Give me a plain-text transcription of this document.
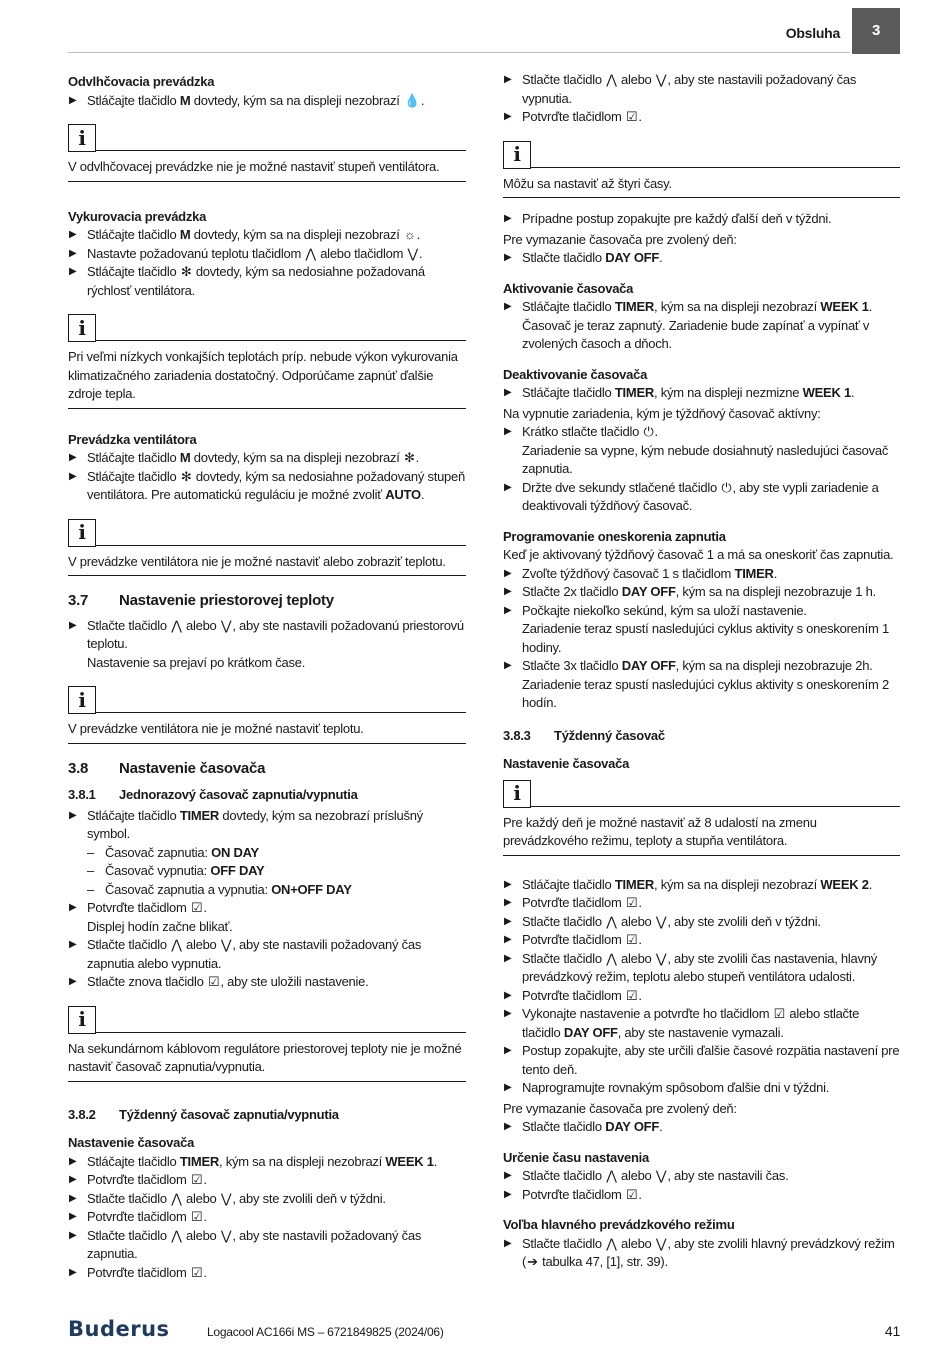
Obsluha	3

Odvlhčovacia prevádzka

▶ Stláčajte tlačidlo M dovtedy, kým sa na displeji nezobrazí 💧.
i

V odvlhčovacej prevádzke nie je možné nastaviť stupeň ventilátora.

Vykurovacia prevádzka

▶ Stláčajte tlačidlo M dovtedy, kým sa na displeji nezobrazí ☼.
▶ Nastavte požadovanú teplotu tlačidlom ⋀ alebo tlačidlom ⋁.
▶ Stláčajte tlačidlo ✻ dovtedy, kým sa nedosiahne požadovaná rýchlosť ventilátora.
i

Pri veľmi nízkych vonkajších teplotách príp. nebude výkon vykurovania klimatizačného zariadenia dostatočný. Odporúčame zapnúť ďalšie zdroje tepla.

Prevádzka ventilátora

▶ Stláčajte tlačidlo M dovtedy, kým sa na displeji nezobrazí ✻.
▶ Stláčajte tlačidlo ✻ dovtedy, kým sa nedosiahne požadovaný stupeň ventilátora. Pre automatickú reguláciu je možné zvoliť AUTO.
i

V prevádzke ventilátora nie je možné nastaviť alebo zobraziť teplotu.

3.7	Nastavenie priestorovej teploty
▶ Stlačte tlačidlo ⋀ alebo ⋁, aby ste nastavili požadovanú priestorovú teplotu.
Nastavenie sa prejaví po krátkom čase.
i

V prevádzke ventilátora nie je možné nastaviť teplotu.

3.8	Nastavenie časovača
3.8.1	Jednorazový časovač zapnutia/vypnutia
▶ Stláčajte tlačidlo TIMER dovtedy, kým sa nezobrazí príslušný symbol.
– Časovač zapnutia: ON DAY
– Časovač vypnutia: OFF DAY
– Časovač zapnutia a vypnutia: ON+OFF DAY
▶ Potvrďte tlačidlom ☑.
Displej hodín začne blikať.
▶ Stlačte tlačidlo ⋀ alebo ⋁, aby ste nastavili požadovaný čas zapnutia alebo vypnutia.
▶ Stlačte znova tlačidlo ☑, aby ste uložili nastavenie.
i

Na sekundárnom káblovom regulátore priestorovej teploty nie je možné nastaviť časovač zapnutia/vypnutia.

3.8.2	Týždenný časovač zapnutia/vypnutia

Nastavenie časovača

▶ Stláčajte tlačidlo TIMER, kým sa na displeji nezobrazí WEEK 1.
▶ Potvrďte tlačidlom ☑.
▶ Stlačte tlačidlo ⋀ alebo ⋁, aby ste zvolili deň v týždni.
▶ Potvrďte tlačidlom ☑.
▶ Stlačte tlačidlo ⋀ alebo ⋁, aby ste nastavili požadovaný čas zapnutia.
▶ Potvrďte tlačidlom ☑.
▶ Stlačte tlačidlo ⋀ alebo ⋁, aby ste nastavili požadovaný čas vypnutia.
▶ Potvrďte tlačidlom ☑.
i

Môžu sa nastaviť až štyri časy.

▶ Prípadne postup zopakujte pre každý ďalší deň v týždni.

Pre vymazanie časovača pre zvolený deň:

▶ Stlačte tlačidlo DAY OFF.

Aktivovanie časovača

▶ Stláčajte tlačidlo TIMER, kým sa na displeji nezobrazí WEEK 1.
Časovač je teraz zapnutý. Zariadenie bude zapínať a vypínať v zvolených časoch a dňoch.

Deaktivovanie časovača

▶ Stláčajte tlačidlo TIMER, kým na displeji nezmizne WEEK 1.

Na vypnutie zariadenia, kým je týždňový časovač aktívny:

▶ Krátko stlačte tlačidlo ⏻.
Zariadenie sa vypne, kým nebude dosiahnutý nasledujúci časovač zapnutia.
▶ Držte dve sekundy stlačené tlačidlo ⏻, aby ste vypli zariadenie a deaktivovali týždňový časovač.

Programovanie oneskorenia zapnutia

Keď je aktivovaný týždňový časovač 1 a má sa oneskoriť čas zapnutia.

▶ Zvoľte týždňový časovač 1 s tlačidlom TIMER.
▶ Stlačte 2x tlačidlo DAY OFF, kým sa na displeji nezobrazuje 1 h.
▶ Počkajte niekoľko sekúnd, kým sa uloží nastavenie.
Zariadenie teraz spustí nasledujúci cyklus aktivity s oneskorením 1 hodiny.
▶ Stlačte 3x tlačidlo DAY OFF, kým sa na displeji nezobrazuje 2h.
Zariadenie teraz spustí nasledujúci cyklus aktivity s oneskorením 2 hodín.
3.8.3	Týždenný časovač

Nastavenie časovača

i

Pre každý deň je možné nastaviť až 8 udalostí na zmenu prevádzkového režimu, teploty a stupňa ventilátora.

▶ Stláčajte tlačidlo TIMER, kým sa na displeji nezobrazí WEEK 2.
▶ Potvrďte tlačidlom ☑.
▶ Stlačte tlačidlo ⋀ alebo ⋁, aby ste zvolili deň v týždni.
▶ Potvrďte tlačidlom ☑.
▶ Stlačte tlačidlo ⋀ alebo ⋁, aby ste zvolili čas nastavenia, hlavný prevádzkový režim, teplotu alebo stupeň ventilátora udalosti.
▶ Potvrďte tlačidlom ☑.
▶ Vykonajte nastavenie a potvrďte ho tlačidlom ☑ alebo stlačte tlačidlo DAY OFF, aby ste nastavenie vymazali.
▶ Postup zopakujte, aby ste určili ďalšie časové rozpätia nastavení pre tento deň.
▶ Naprogramujte rovnakým spôsobom ďalšie dni v týždni.

Pre vymazanie časovača pre zvolený deň:

▶ Stlačte tlačidlo DAY OFF.

Určenie času nastavenia

▶ Stlačte tlačidlo ⋀ alebo ⋁, aby ste nastavili čas.
▶ Potvrďte tlačidlom ☑.

Voľba hlavného prevádzkového režimu

▶ Stlačte tlačidlo ⋀ alebo ⋁, aby ste zvolili hlavný prevádzkový režim (➔ tabulka 47, [1], str. 39).
Buderus	Logacool AC166i MS – 6721849825 (2024/06)	41
